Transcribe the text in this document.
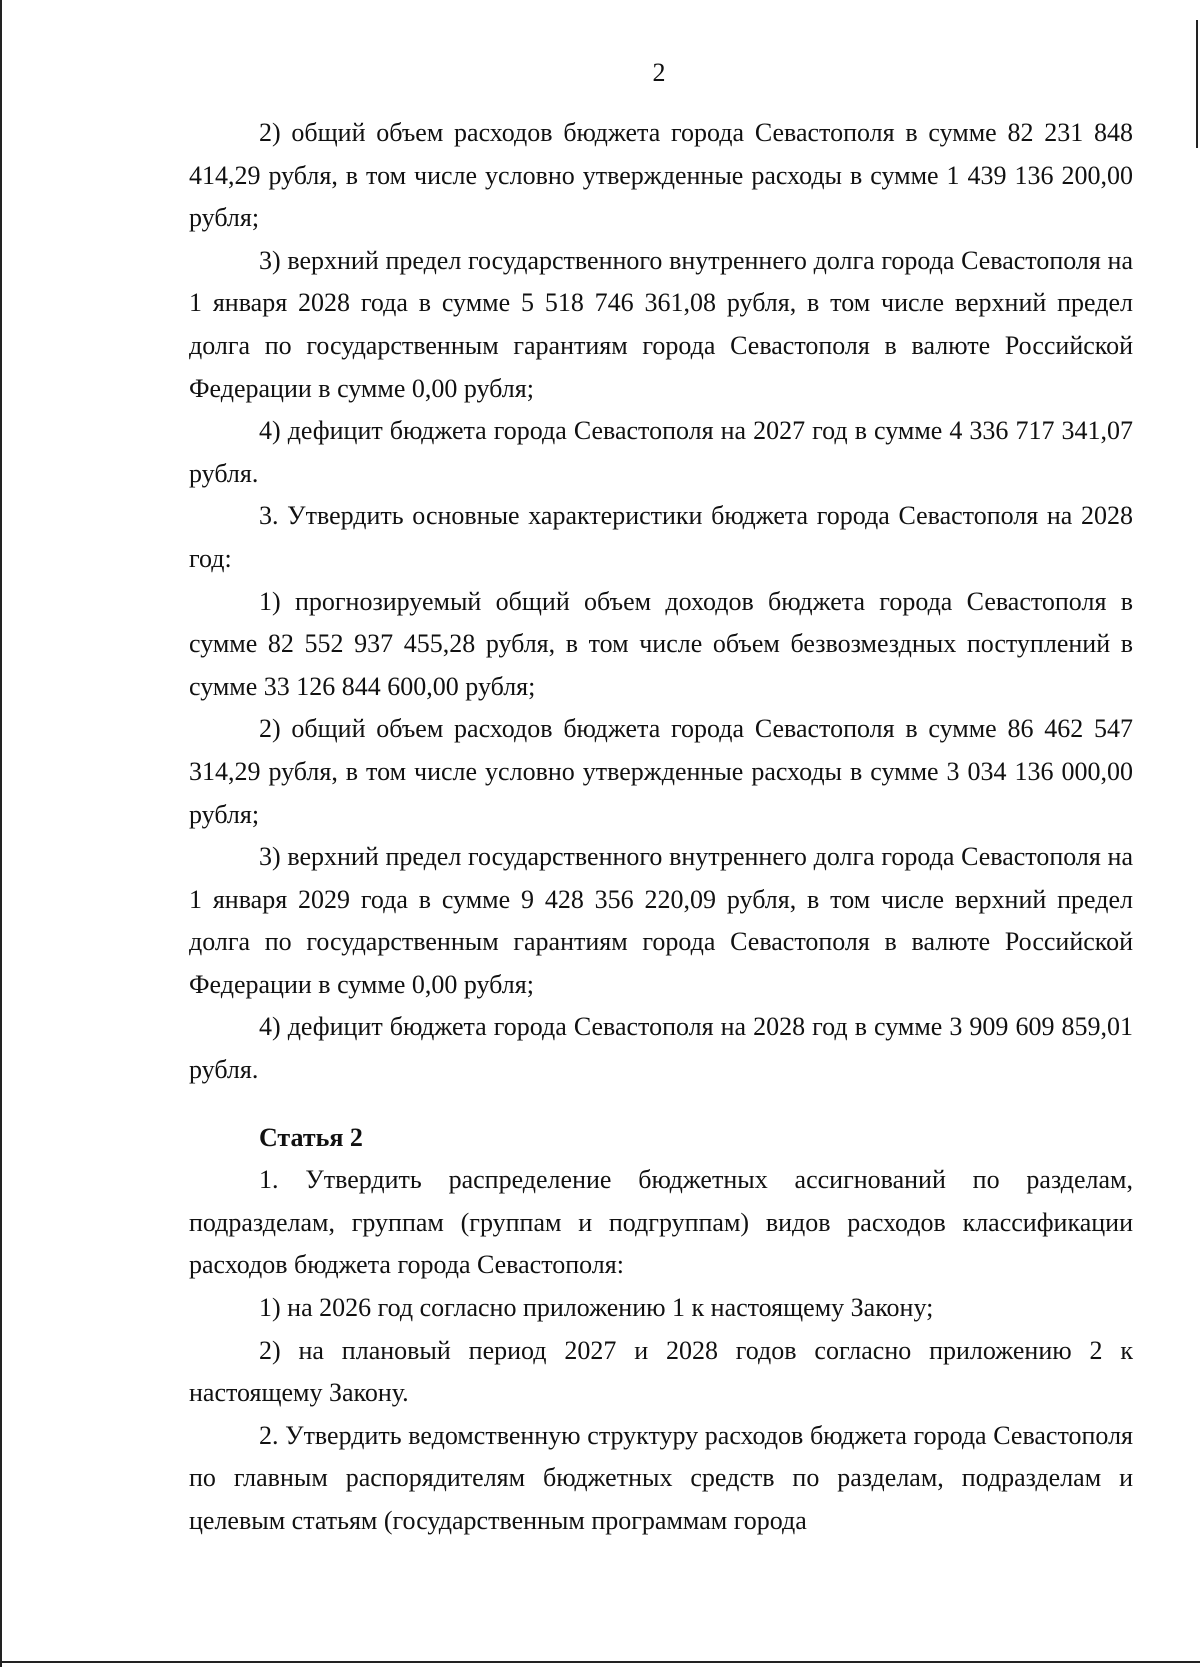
2

2) общий объем расходов бюджета города Севастополя в сумме 82 231 848 414,29 рубля, в том числе условно утвержденные расходы в сумме 1 439 136 200,00 рубля;

3) верхний предел государственного внутреннего долга города Севастополя на 1 января 2028 года в сумме 5 518 746 361,08 рубля, в том числе верхний предел долга по государственным гарантиям города Севастополя в валюте Российской Федерации в сумме 0,00 рубля;

4) дефицит бюджета города Севастополя на 2027 год в сумме 4 336 717 341,07 рубля.

3. Утвердить основные характеристики бюджета города Севастополя на 2028 год:

1) прогнозируемый общий объем доходов бюджета города Севастополя в сумме 82 552 937 455,28 рубля, в том числе объем безвозмездных поступлений в сумме 33 126 844 600,00 рубля;

2) общий объем расходов бюджета города Севастополя в сумме 86 462 547 314,29 рубля, в том числе условно утвержденные расходы в сумме 3 034 136 000,00 рубля;

3) верхний предел государственного внутреннего долга города Севастополя на 1 января 2029 года в сумме 9 428 356 220,09 рубля, в том числе верхний предел долга по государственным гарантиям города Севастополя в валюте Российской Федерации в сумме 0,00 рубля;

4) дефицит бюджета города Севастополя на 2028 год в сумме 3 909 609 859,01 рубля.

Статья 2

1. Утвердить распределение бюджетных ассигнований по разделам, подразделам, группам (группам и подгруппам) видов расходов классификации расходов бюджета города Севастополя:

1) на 2026 год согласно приложению 1 к настоящему Закону;

2) на плановый период 2027 и 2028 годов согласно приложению 2 к настоящему Закону.

2. Утвердить ведомственную структуру расходов бюджета города Севастополя по главным распорядителям бюджетных средств по разделам, подразделам и целевым статьям (государственным программам города
